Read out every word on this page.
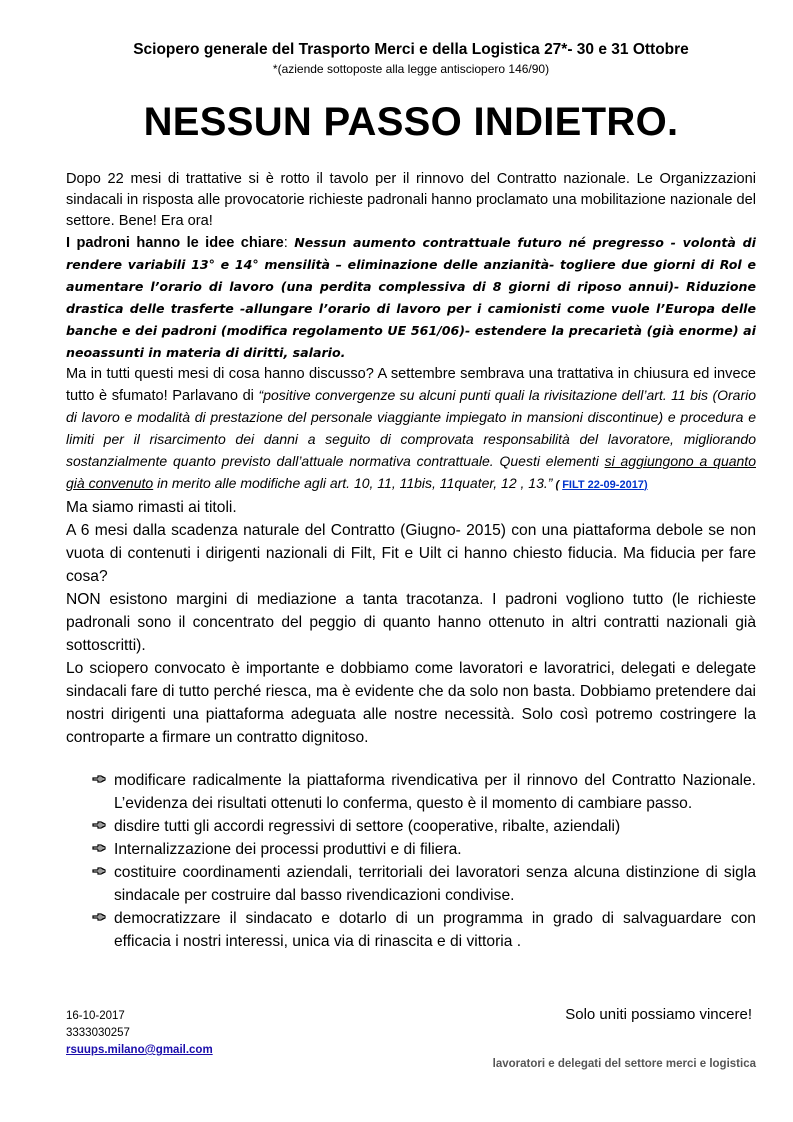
Sciopero generale del Trasporto Merci e della Logistica 27*- 30 e 31 Ottobre

*(aziende sottoposte alla legge antisciopero 146/90)

NESSUN PASSO INDIETRO.

Dopo 22 mesi di trattative si è rotto il tavolo per il rinnovo del Contratto nazionale. Le Organizzazioni sindacali in risposta alle provocatorie richieste padronali hanno proclamato una mobilitazione nazionale del settore. Bene! Era ora!

I padroni hanno le idee chiare: Nessun aumento contrattuale futuro né pregresso - volontà di rendere variabili 13° e 14° mensilità – eliminazione delle anzianità- togliere due giorni di Rol e aumentare l’orario di lavoro (una perdita complessiva di 8 giorni di riposo annui)- Riduzione drastica delle trasferte -allungare l’orario di lavoro per i camionisti come vuole l’Europa delle banche e dei padroni (modifica regolamento UE 561/06)- estendere la precarietà (già enorme) ai neoassunti in materia di diritti, salario.

Ma in tutti questi mesi di cosa hanno discusso? A settembre sembrava una trattativa in chiusura ed invece tutto è sfumato! Parlavano di “positive convergenze su alcuni punti quali la rivisitazione dell’art. 11 bis (Orario di lavoro e modalità di prestazione del personale viaggiante impiegato in mansioni discontinue) e procedura e limiti per il risarcimento dei danni a seguito di comprovata responsabilità del lavoratore, migliorando sostanzialmente quanto previsto dall’attuale normativa contrattuale. Questi elementi si aggiungono a quanto già convenuto in merito alle modifiche agli art. 10, 11, 11bis, 11quater, 12 , 13.” ( FILT 22-09-2017)

Ma siamo rimasti ai titoli.

A 6 mesi dalla scadenza naturale del Contratto (Giugno- 2015) con una piattaforma debole se non vuota di contenuti i dirigenti nazionali di Filt, Fit e Uilt ci hanno chiesto fiducia. Ma fiducia per fare cosa?

NON esistono margini di mediazione a tanta tracotanza. I padroni vogliono tutto (le richieste padronali sono il concentrato del peggio di quanto hanno ottenuto in altri contratti nazionali già sottoscritti).

Lo sciopero convocato è importante e dobbiamo come lavoratori e lavoratrici, delegati e delegate sindacali fare di tutto perché riesca, ma è evidente che da solo non basta. Dobbiamo pretendere dai nostri dirigenti una piattaforma adeguata alle nostre necessità. Solo così potremo costringere la controparte a firmare un contratto dignitoso.

modificare radicalmente la piattaforma rivendicativa per il rinnovo del Contratto Nazionale. L’evidenza dei risultati ottenuti lo conferma, questo è il momento di cambiare passo.
disdire tutti gli accordi regressivi di settore (cooperative, ribalte, aziendali)
Internalizzazione dei processi produttivi e di filiera.
costituire coordinamenti aziendali, territoriali dei lavoratori senza alcuna distinzione di sigla sindacale per costruire dal basso rivendicazioni condivise.
democratizzare il sindacato e dotarlo di un programma in grado di salvaguardare con efficacia i nostri interessi, unica via di rinascita e di vittoria .
16-10-2017
3333030257
rsuups.milano@gmail.com
Solo uniti possiamo vincere!
lavoratori e delegati del settore merci e logistica
